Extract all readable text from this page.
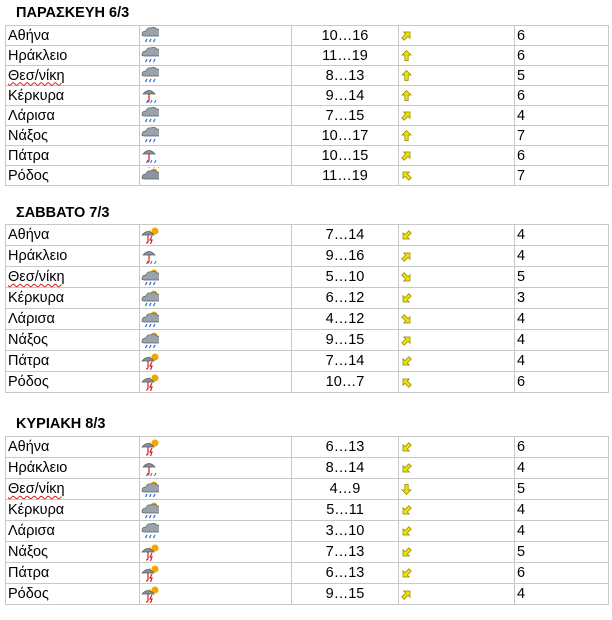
ΠΑΡΑΣΚΕΥΗ 6/3
Αθήνα		10…16		6
Ηράκλειο		11…19		6
Θεσ/νίκη		8…13		5
Κέρκυρα		9…14		6
Λάρισα		7…15		4
Νάξος		10…17		7
Πάτρα		10…15		6
Ρόδος		11…19		7
ΣΑΒΒΑΤΟ 7/3
Αθήνα		7…14		4
Ηράκλειο		9…16		4
Θεσ/νίκη		5…10		5
Κέρκυρα		6…12		3
Λάρισα		4…12		4
Νάξος		9…15		4
Πάτρα		7…14		4
Ρόδος		10…7		6
ΚΥΡΙΑΚΗ 8/3
Αθήνα		6…13		6
Ηράκλειο		8…14		4
Θεσ/νίκη		4…9		5
Κέρκυρα		5…11		4
Λάρισα		3…10		4
Νάξος		7…13		5
Πάτρα		6…13		6
Ρόδος		9…15		4
